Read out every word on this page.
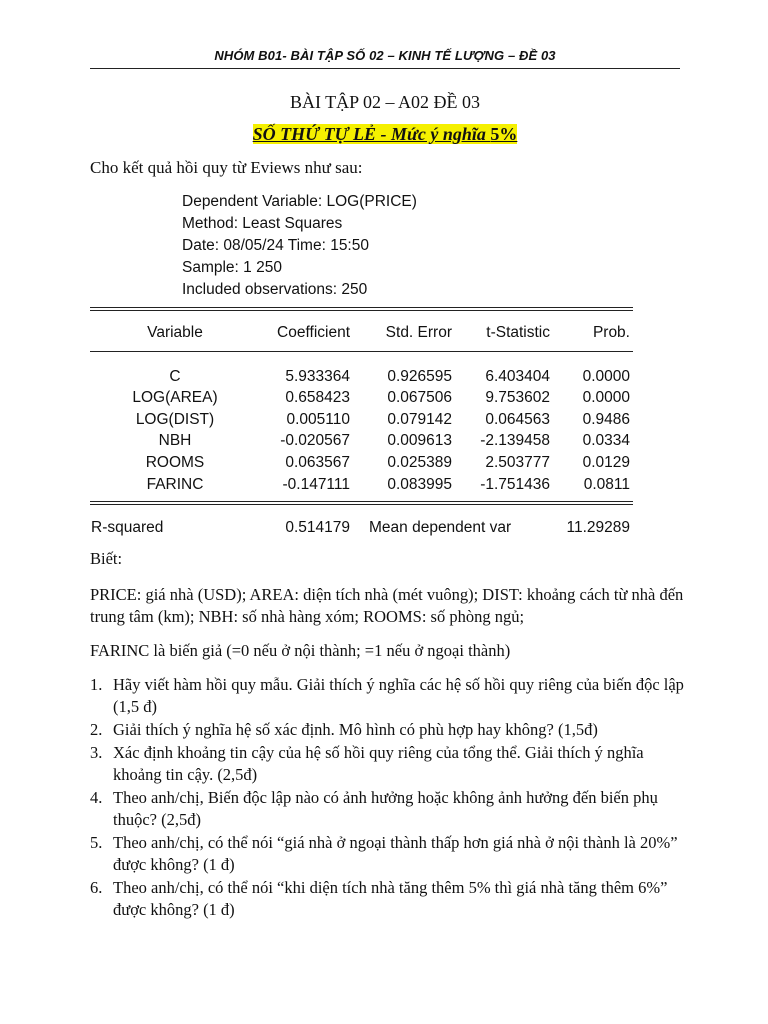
NHÓM B01- BÀI TẬP SỐ 02 – KINH TẾ LƯỢNG – ĐỀ 03
BÀI TẬP 02 – A02 ĐỀ 03
SỐ THỨ TỰ LẺ - Mức ý nghĩa 5%
Cho kết quả hồi quy từ Eviews như sau:
Dependent Variable: LOG(PRICE)
Method: Least Squares
Date: 08/05/24 Time: 15:50
Sample: 1 250
Included observations: 250
Variable	Coefficient	Std. Error	t-Statistic	Prob.
C	5.933364	0.926595	6.403404	0.0000
LOG(AREA)	0.658423	0.067506	9.753602	0.0000
LOG(DIST)	0.005110	0.079142	0.064563	0.9486
NBH	-0.020567	0.009613	-2.139458	0.0334
ROOMS	0.063567	0.025389	2.503777	0.0129
FARINC	-0.147111	0.083995	-1.751436	0.0811
R-squared	0.514179 Mean dependent var	11.29289
Biết:
PRICE: giá nhà (USD); AREA: diện tích nhà (mét vuông); DIST: khoảng cách từ nhà đến trung tâm (km); NBH: số nhà hàng xóm; ROOMS: số phòng ngủ;
FARINC là biến giả (=0 nếu ở nội thành; =1 nếu ở ngoại thành)
1. Hãy viết hàm hồi quy mẫu. Giải thích ý nghĩa các hệ số hồi quy riêng của biến độc lập (1,5 đ)
2. Giải thích ý nghĩa hệ số xác định. Mô hình có phù hợp hay không? (1,5đ)
3. Xác định khoảng tin cậy của hệ số hồi quy riêng của tổng thể. Giải thích ý nghĩa khoảng tin cậy. (2,5đ)
4. Theo anh/chị, Biến độc lập nào có ảnh hưởng hoặc không ảnh hưởng đến biến phụ thuộc? (2,5đ)
5. Theo anh/chị, có thể nói “giá nhà ở ngoại thành thấp hơn giá nhà ở nội thành là 20%” được không? (1 đ)
6. Theo anh/chị, có thể nói “khi diện tích nhà tăng thêm 5% thì giá nhà tăng thêm 6%” được không? (1 đ)
